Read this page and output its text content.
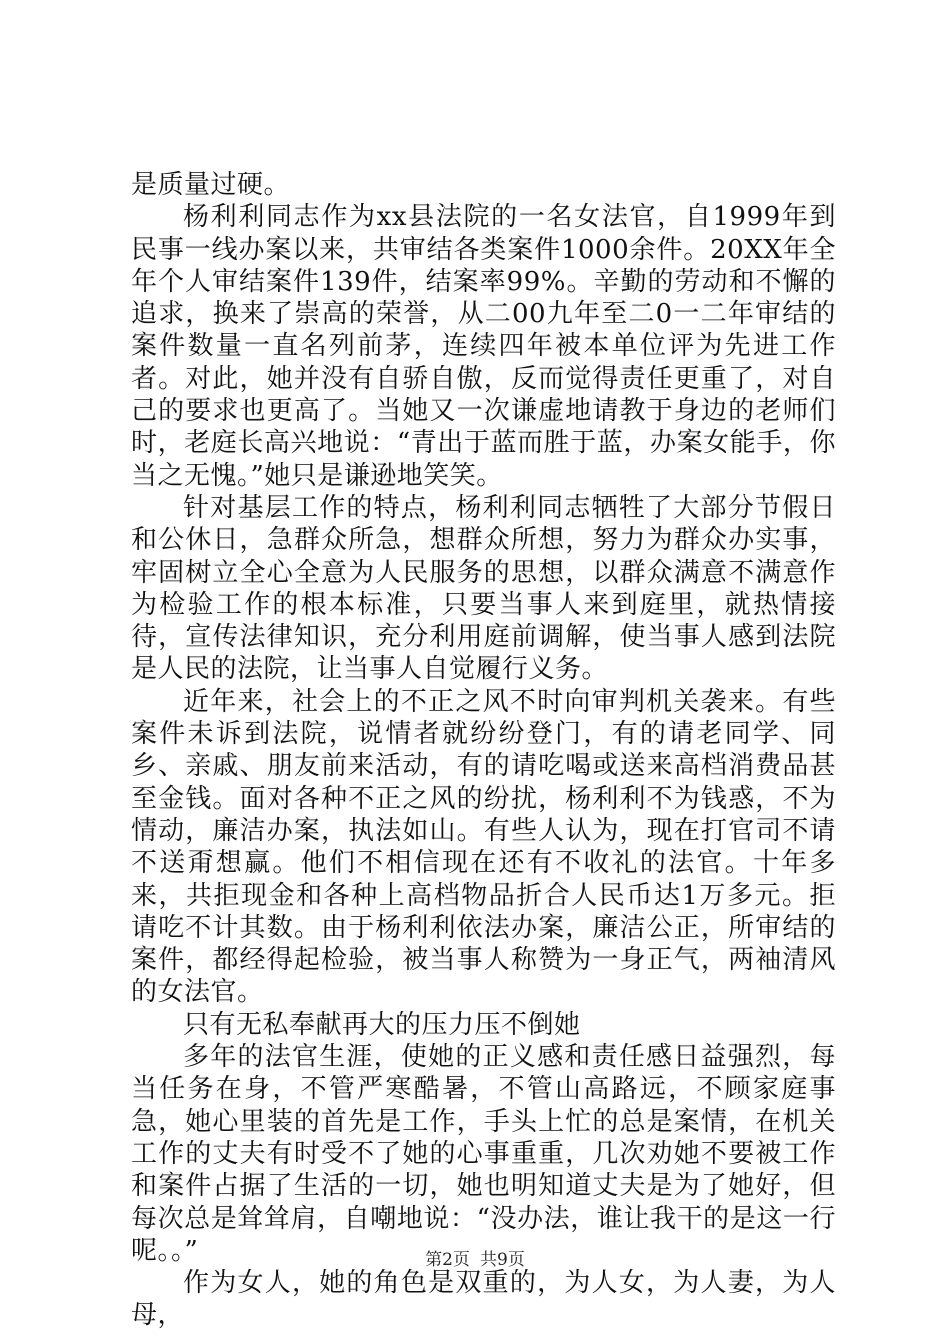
是质量过硬。

杨利利同志作为xx县法院的一名女法官，自1999年到民事一线办案以来，共审结各类案件1000余件。20XX年全年个人审结案件139件，结案率99%。辛勤的劳动和不懈的追求，换来了崇高的荣誉，从二00九年至二0一二年审结的案件数量一直名列前茅，连续四年被本单位评为先进工作者。对此，她并没有自骄自傲，反而觉得责任更重了，对自己的要求也更高了。当她又一次谦虚地请教于身边的老师们时，老庭长高兴地说：“青出于蓝而胜于蓝，办案女能手，你当之无愧。”她只是谦逊地笑笑。

针对基层工作的特点，杨利利同志牺牲了大部分节假日和公休日，急群众所急，想群众所想，努力为群众办实事，牢固树立全心全意为人民服务的思想，以群众满意不满意作为检验工作的根本标准，只要当事人来到庭里，就热情接待，宣传法律知识，充分利用庭前调解，使当事人感到法院是人民的法院，让当事人自觉履行义务。

近年来，社会上的不正之风不时向审判机关袭来。有些案件未诉到法院，说情者就纷纷登门，有的请老同学、同乡、亲戚、朋友前来活动，有的请吃喝或送来高档消费品甚至金钱。面对各种不正之风的纷扰，杨利利不为钱惑，不为情动，廉洁办案，执法如山。有些人认为，现在打官司不请不送甭想赢。他们不相信现在还有不收礼的法官。十年多来，共拒现金和各种上高档物品折合人民币达1万多元。拒请吃不计其数。由于杨利利依法办案，廉洁公正，所审结的案件，都经得起检验，被当事人称赞为一身正气，两袖清风的女法官。

只有无私奉献再大的压力压不倒她

多年的法官生涯，使她的正义感和责任感日益强烈，每当任务在身，不管严寒酷暑，不管山高路远，不顾家庭事急，她心里装的首先是工作，手头上忙的总是案情，在机关工作的丈夫有时受不了她的心事重重，几次劝她不要被工作和案件占据了生活的一切，她也明知道丈夫是为了她好，但每次总是耸耸肩，自嘲地说：“没办法，谁让我干的是这一行呢。。”

作为女人，她的角色是双重的，为人女，为人妻，为人母，

第2页 共9页
